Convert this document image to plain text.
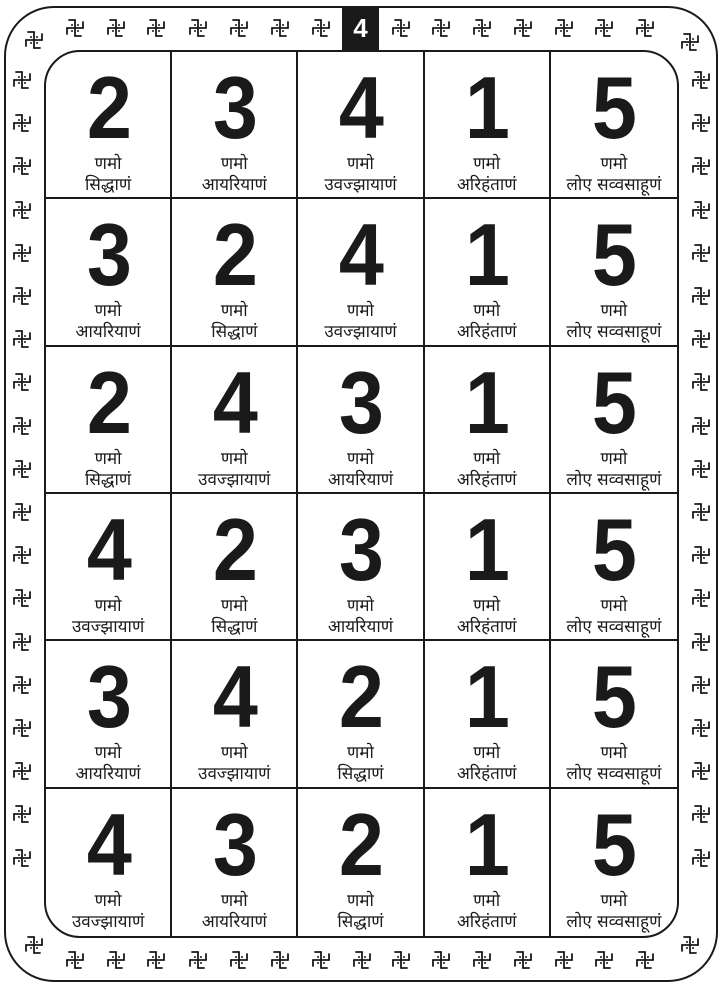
4
2
णमो
सिद्धाणं
3
णमो
आयरियाणं
4
णमो
उवज्झायाणं
1
णमो
अरिहंताणं
5
णमो
लोए सव्वसाहूणं
3
णमो
आयरियाणं
2
णमो
सिद्धाणं
4
णमो
उवज्झायाणं
1
णमो
अरिहंताणं
5
णमो
लोए सव्वसाहूणं
2
णमो
सिद्धाणं
4
णमो
उवज्झायाणं
3
णमो
आयरियाणं
1
णमो
अरिहंताणं
5
णमो
लोए सव्वसाहूणं
4
णमो
उवज्झायाणं
2
णमो
सिद्धाणं
3
णमो
आयरियाणं
1
णमो
अरिहंताणं
5
णमो
लोए सव्वसाहूणं
3
णमो
आयरियाणं
4
णमो
उवज्झायाणं
2
णमो
सिद्धाणं
1
णमो
अरिहंताणं
5
णमो
लोए सव्वसाहूणं
4
णमो
उवज्झायाणं
3
णमो
आयरियाणं
2
णमो
सिद्धाणं
1
णमो
अरिहंताणं
5
णमो
लोए सव्वसाहूणं
